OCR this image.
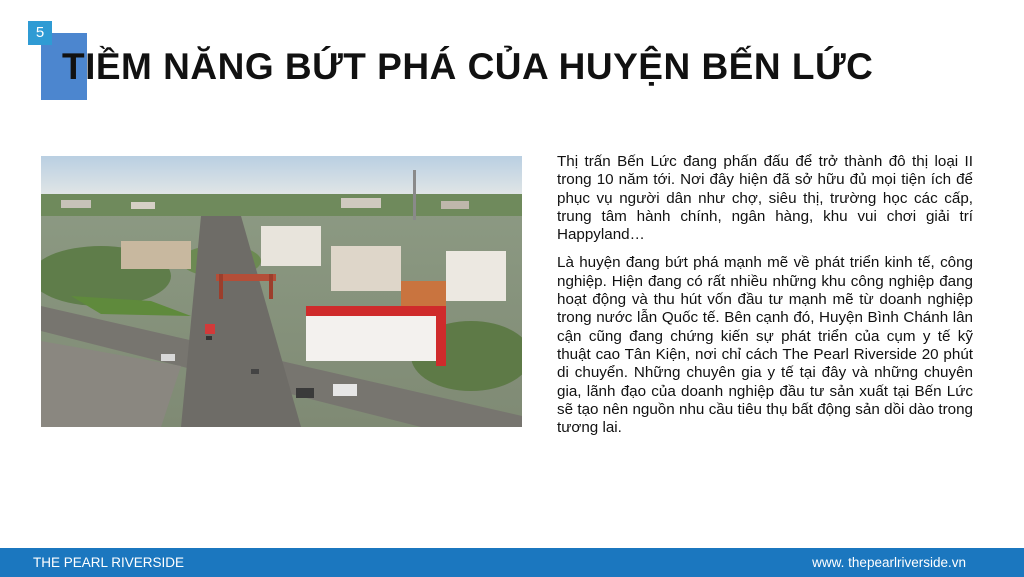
5
TIỀM NĂNG BỨT PHÁ CỦA HUYỆN BẾN LỨC

Thị trấn Bến Lức đang phấn đấu để trở thành đô thị loại II trong 10 năm tới. Nơi đây hiện đã sở hữu đủ mọi tiện ích để phục vụ người dân như chợ, siêu thị, trường học các cấp, trung tâm hành chính, ngân hàng, khu vui chơi giải trí Happyland…

Là huyện đang bứt phá mạnh mẽ về phát triển kinh tế, công nghiệp. Hiện đang có rất nhiều những khu công nghiệp đang hoạt động và thu hút vốn đầu tư mạnh mẽ từ doanh nghiệp trong nước lẫn Quốc tế. Bên cạnh đó, Huyện Bình Chánh lân cận cũng đang chứng kiến sự phát triển của cụm y tế kỹ thuật cao Tân Kiện, nơi chỉ cách The Pearl Riverside 20 phút di chuyển. Những chuyên gia y tế tại đây và những chuyên gia, lãnh đạo của doanh nghiệp đầu tư sản xuất tại Bến Lức sẽ tạo nên nguồn nhu cầu tiêu thụ bất động sản dồi dào trong tương lai.

THE PEARL RIVERSIDE	www. thepearlriverside.vn
